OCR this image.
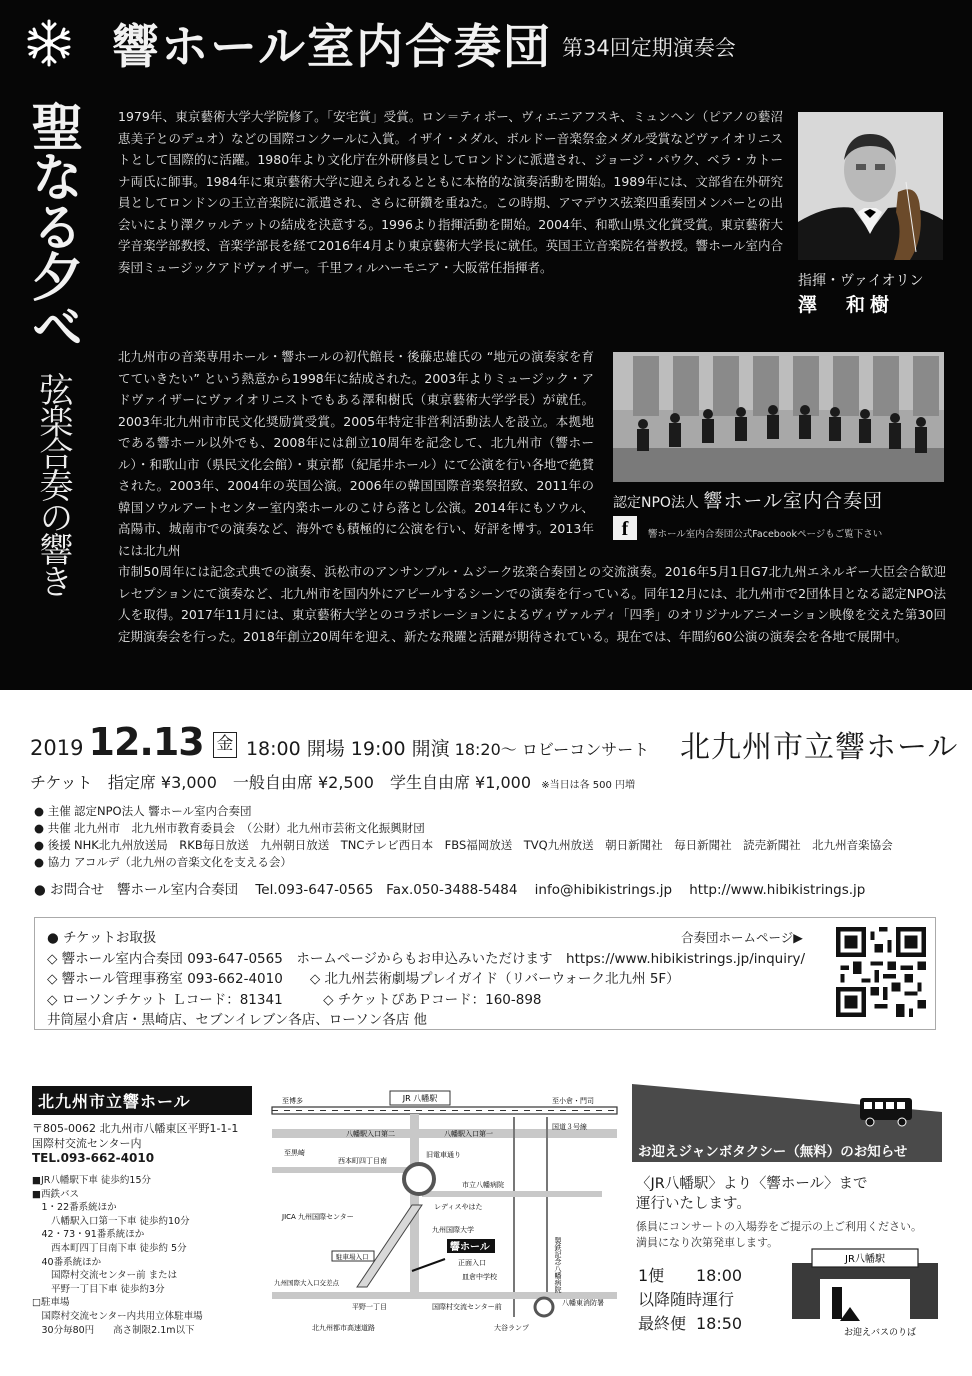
響ホール室内合奏団 第34回定期演奏会
聖なる夕べ
弦楽合奏の響き

1979年、東京藝術大学大学院修了。「安宅賞」受賞。ロン＝ティボー、ヴィエニアフスキ、ミュンヘン（ピアノの藝沼恵美子とのデュオ）などの国際コンクールに入賞。イザイ・メダル、ボルドー音楽祭金メダル受賞などヴァイオリニストとして国際的に活躍。1980年より文化庁在外研修員としてロンドンに派遣され、ジョージ・パウク、ベラ・カトーナ両氏に師事。1984年に東京藝術大学に迎えられるとともに本格的な演奏活動を開始。1989年には、文部省在外研究員としてロンドンの王立音楽院に派遣され、さらに研鑽を重ねた。この時期、アマデウス弦楽四重奏団メンバーとの出会いにより澤クヮルテットの結成を決意する。1996より指揮活動を開始。2004年、和歌山県文化賞受賞。東京藝術大学音楽学部教授、音楽学部長を経て2016年4月より東京藝術大学長に就任。英国王立音楽院名誉教授。響ホール室内合奏団ミュージックアドヴァイザー。千里フィルハーモニア・大阪常任指揮者。

指揮・ヴァイオリン
澤　和樹

北九州市の音楽専用ホール・響ホールの初代館長・後藤忠雄氏の “地元の演奏家を育てていきたい” という熱意から1998年に結成された。2003年よりミュージック・アドヴァイザーにヴァイオリニストでもある澤和樹氏（東京藝術大学学長）が就任。2003年北九州市市民文化奨励賞受賞。2005年特定非営利活動法人を設立。本拠地である響ホール以外でも、2008年には創立10周年を記念して、北九州市（響ホール）・和歌山市（県民文化会館）・東京都（紀尾井ホール）にて公演を行い各地で絶賛された。2003年、2004年の英国公演。2006年の韓国国際音楽祭招致、2011年の韓国ソウルアートセンター室内楽ホールのこけら落とし公演。2014年にもソウル、高陽市、城南市での演奏など、海外でも積極的に公演を行い、好評を博す。2013年には北九州

認定NPO法人 響ホール室内合奏団
f	響ホール室内合奏団公式Facebookページもご覧下さい

市制50周年には記念式典での演奏、浜松市のアンサンブル・ムジーク弦楽合奏団との交流演奏。2016年5月1日G7北九州エネルギー大臣会合歓迎レセプションにて演奏など、北九州市を国内外にアピールするシーンでの演奏を行っている。同年12月には、北九州市で2団体目となる認定NPO法人を取得。2017年11月には、東京藝術大学とのコラボレーションによるヴィヴァルディ「四季」のオリジナルアニメーション映像を交えた第30回定期演奏会を行った。2018年創立20周年を迎え、新たな飛躍と活躍が期待されている。現在では、年間約60公演の演奏会を各地で展開中。

2019 12.13 金 18:00 開場 19:00 開演 18:20～ ロビーコンサート 北九州市立響ホール
チケット 指定席 ¥3,000　一般自由席 ¥2,500　学生自由席 ¥1,000 ※当日は各 500 円増
● 主催 認定NPO法人 響ホール室内合奏団
● 共催 北九州市　北九州市教育委員会　（公財）北九州市芸術文化振興財団
● 後援 NHK北九州放送局　RKB毎日放送　九州朝日放送　TNCテレビ西日本　FBS福岡放送　TVQ九州放送　朝日新聞社　毎日新聞社　読売新聞社　北九州音楽協会
● 協力 アコルデ（北九州の音楽文化を支える会）
● お問合せ 響ホール室内合奏団 Tel.093-647-0565 Fax.050-3488-5484 info@hibikistrings.jp http://www.hibikistrings.jp
● チケットお取扱
◇ 響ホール室内合奏団 093-647-0565　ホームページからもお申込みいただけます　https://www.hibikistrings.jp/inquiry/
◇ 響ホール管理事務室 093-662-4010　　◇ 北九州芸術劇場プレイガイド（リバーウォーク北九州 5F）
◇ ローソンチケット Ｌコード：81341　　　◇ チケットぴあＰコード：160-898
井筒屋小倉店・黒崎店、セブンイレブン各店、ローソン各店 他
合奏団ホームページ▶
北九州市立響ホール
〒805-0062 北九州市八幡東区平野1-1-1
国際村交流センター内
TEL.093-662-4010
■JR八幡駅下車 徒歩約15分
■西鉄バス
　1・22番系統ほか
　　八幡駅入口第一下車 徒歩約10分
　42・73・91番系統ほか
　　西本町四丁目南下車 徒歩約 5分
　40番系統ほか
　　国際村交流センター前 または
　　平野一丁目下車 徒歩約3分
□駐車場
　国際村交流センター内共用立体駐車場
　30分毎80円　　高さ制限2.1m以下
JR 八幡駅
至博多	至小倉・門司
国道３号線
八幡駅入口第二	八幡駅入口第一
至黒崎
西本町四丁目南
旧電車通り
市立八幡病院
JICA 九州国際センター
九州国際大学
レディスやはた
駐車場入口
響ホール
正面入口
皿倉中学校
九州国際大入口交差点
平野一丁目	国際村交流センター前	八幡東消防署
製鉄記念八幡病院
北九州都市高速道路	大谷ランプ
お迎えジャンボタクシー（無料）のお知らせ
〈JR八幡駅〉より〈響ホール〉まで
運行いたします。
係員にコンサートの入場券をご提示の上ご利用ください。
満員になり次第発車します。
1便 18:00
以降随時運行
最終便 18:50
JR八幡駅
お迎えバスのりば
